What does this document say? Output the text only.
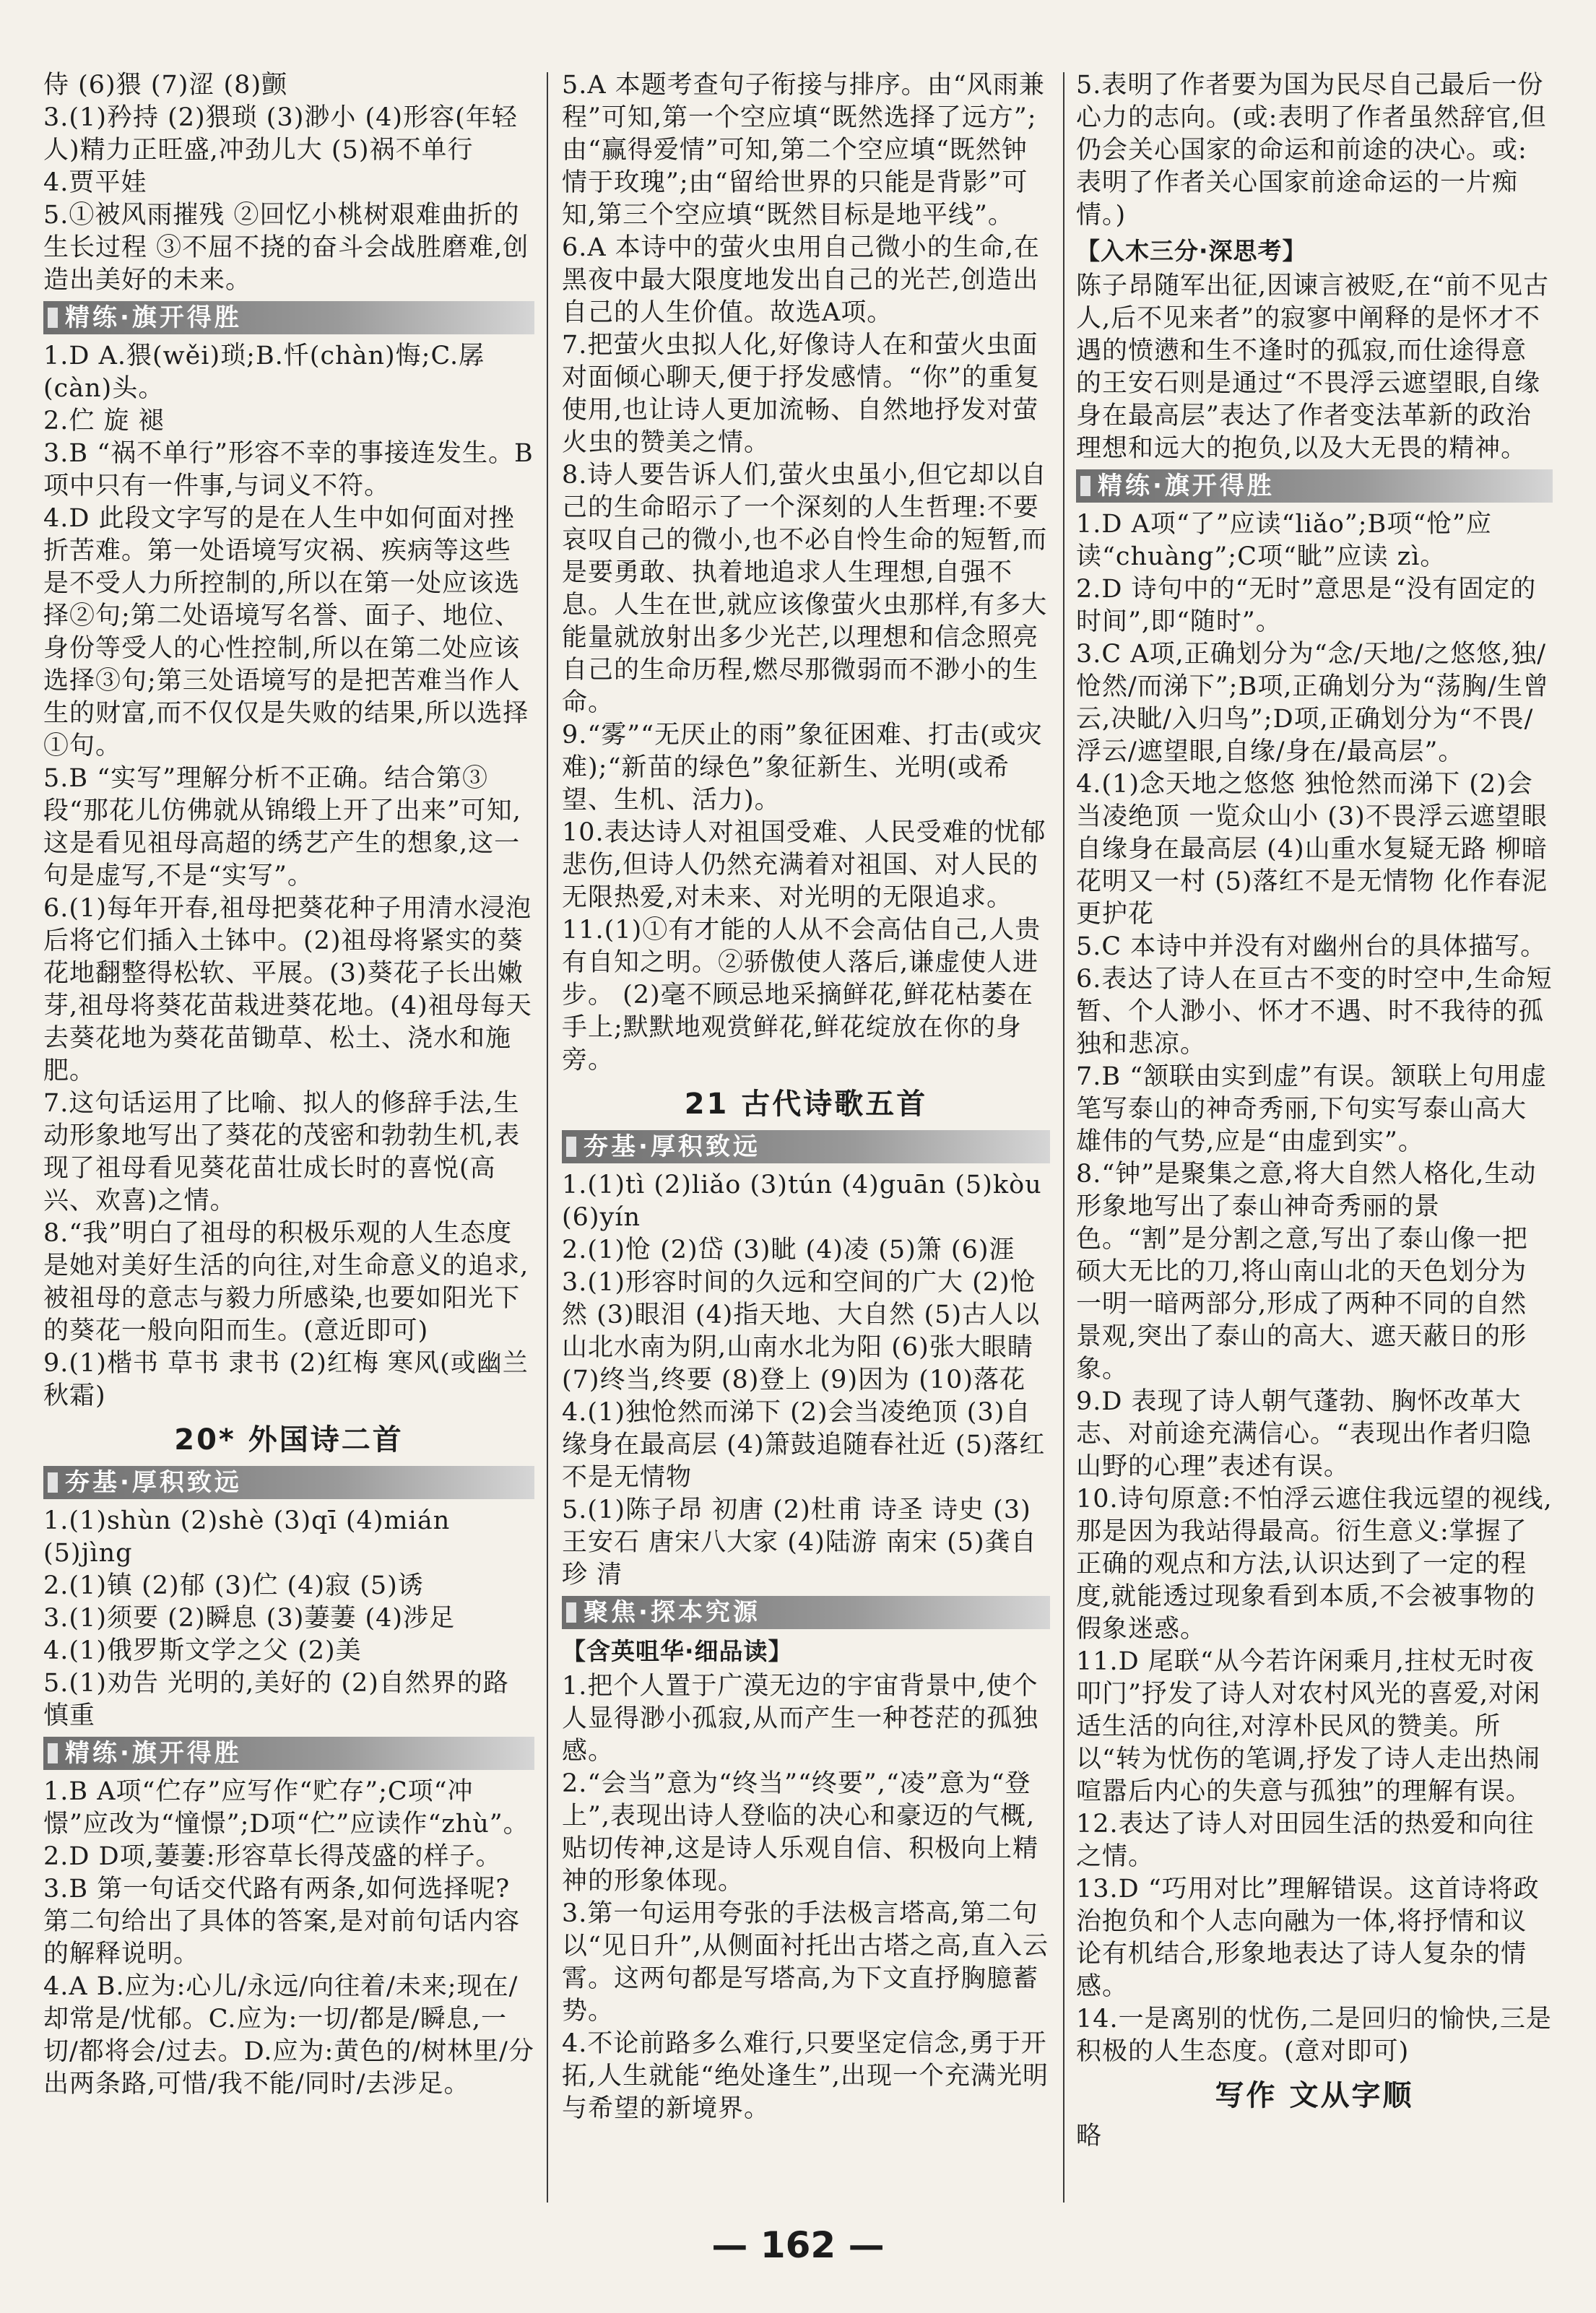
侍 (6)猥 (7)涩 (8)颤
3.(1)矜持 (2)猥琐 (3)渺小 (4)形容(年轻人)精力正旺盛,冲劲儿大 (5)祸不单行
4.贾平娃
5.①被风雨摧残 ②回忆小桃树艰难曲折的生长过程 ③不屈不挠的奋斗会战胜磨难,创造出美好的未来。
精练·旗开得胜
1.D A.猥(wěi)琐;B.忏(chàn)悔;C.孱(càn)头。
2.伫 旋 褪
3.B “祸不单行”形容不幸的事接连发生。B项中只有一件事,与词义不符。
4.D 此段文字写的是在人生中如何面对挫折苦难。第一处语境写灾祸、疾病等这些是不受人力所控制的,所以在第一处应该选择②句;第二处语境写名誉、面子、地位、身份等受人的心性控制,所以在第二处应该选择③句;第三处语境写的是把苦难当作人生的财富,而不仅仅是失败的结果,所以选择①句。
5.B “实写”理解分析不正确。结合第③段“那花儿仿佛就从锦缎上开了出来”可知,这是看见祖母高超的绣艺产生的想象,这一句是虚写,不是“实写”。
6.(1)每年开春,祖母把葵花种子用清水浸泡后将它们插入土钵中。(2)祖母将紧实的葵花地翻整得松软、平展。(3)葵花子长出嫩芽,祖母将葵花苗栽进葵花地。(4)祖母每天去葵花地为葵花苗锄草、松土、浇水和施肥。
7.这句话运用了比喻、拟人的修辞手法,生动形象地写出了葵花的茂密和勃勃生机,表现了祖母看见葵花苗壮成长时的喜悦(高兴、欢喜)之情。
8.“我”明白了祖母的积极乐观的人生态度是她对美好生活的向往,对生命意义的追求,被祖母的意志与毅力所感染,也要如阳光下的葵花一般向阳而生。(意近即可)
9.(1)楷书 草书 隶书 (2)红梅 寒风(或幽兰 秋霜)
20* 外国诗二首
夯基·厚积致远
1.(1)shùn (2)shè (3)qī (4)mián (5)jìng
2.(1)镇 (2)郁 (3)伫 (4)寂 (5)诱
3.(1)须要 (2)瞬息 (3)萋萋 (4)涉足
4.(1)俄罗斯文学之父 (2)美
5.(1)劝告 光明的,美好的 (2)自然界的路 慎重
精练·旗开得胜
1.B A项“伫存”应写作“贮存”;C项“冲憬”应改为“憧憬”;D项“伫”应读作“zhù”。
2.D D项,萋萋:形容草长得茂盛的样子。
3.B 第一句话交代路有两条,如何选择呢?第二句给出了具体的答案,是对前句话内容的解释说明。
4.A B.应为:心儿/永远/向往着/未来;现在/却常是/忧郁。C.应为:一切/都是/瞬息,一切/都将会/过去。D.应为:黄色的/树林里/分出两条路,可惜/我不能/同时/去涉足。
5.A 本题考查句子衔接与排序。由“风雨兼程”可知,第一个空应填“既然选择了远方”;由“赢得爱情”可知,第二个空应填“既然钟情于玫瑰”;由“留给世界的只能是背影”可知,第三个空应填“既然目标是地平线”。
6.A 本诗中的萤火虫用自己微小的生命,在黑夜中最大限度地发出自己的光芒,创造出自己的人生价值。故选A项。
7.把萤火虫拟人化,好像诗人在和萤火虫面对面倾心聊天,便于抒发感情。“你”的重复使用,也让诗人更加流畅、自然地抒发对萤火虫的赞美之情。
8.诗人要告诉人们,萤火虫虽小,但它却以自己的生命昭示了一个深刻的人生哲理:不要哀叹自己的微小,也不必自怜生命的短暂,而是要勇敢、执着地追求人生理想,自强不息。人生在世,就应该像萤火虫那样,有多大能量就放射出多少光芒,以理想和信念照亮自己的生命历程,燃尽那微弱而不渺小的生命。
9.“雾”“无厌止的雨”象征困难、打击(或灾难);“新苗的绿色”象征新生、光明(或希望、生机、活力)。
10.表达诗人对祖国受难、人民受难的忧郁悲伤,但诗人仍然充满着对祖国、对人民的无限热爱,对未来、对光明的无限追求。
11.(1)①有才能的人从不会高估自己,人贵有自知之明。②骄傲使人落后,谦虚使人进步。 (2)毫不顾忌地采摘鲜花,鲜花枯萎在手上;默默地观赏鲜花,鲜花绽放在你的身旁。
21 古代诗歌五首
夯基·厚积致远
1.(1)tì (2)liǎo (3)tún (4)guān (5)kòu (6)yín
2.(1)怆 (2)岱 (3)眦 (4)凌 (5)箫 (6)涯
3.(1)形容时间的久远和空间的广大 (2)怆然 (3)眼泪 (4)指天地、大自然 (5)古人以山北水南为阴,山南水北为阳 (6)张大眼睛 (7)终当,终要 (8)登上 (9)因为 (10)落花
4.(1)独怆然而涕下 (2)会当凌绝顶 (3)自缘身在最高层 (4)箫鼓追随春社近 (5)落红不是无情物
5.(1)陈子昂 初唐 (2)杜甫 诗圣 诗史 (3)王安石 唐宋八大家 (4)陆游 南宋 (5)龚自珍 清
聚焦·探本究源
【含英咀华·细品读】
1.把个人置于广漠无边的宇宙背景中,使个人显得渺小孤寂,从而产生一种苍茫的孤独感。
2.“会当”意为“终当”“终要”,“凌”意为“登上”,表现出诗人登临的决心和豪迈的气概,贴切传神,这是诗人乐观自信、积极向上精神的形象体现。
3.第一句运用夸张的手法极言塔高,第二句以“见日升”,从侧面衬托出古塔之高,直入云霄。这两句都是写塔高,为下文直抒胸臆蓄势。
4.不论前路多么难行,只要坚定信念,勇于开拓,人生就能“绝处逢生”,出现一个充满光明与希望的新境界。
5.表明了作者要为国为民尽自己最后一份心力的志向。(或:表明了作者虽然辞官,但仍会关心国家的命运和前途的决心。或:表明了作者关心国家前途命运的一片痴情。)
【入木三分·深思考】
陈子昂随军出征,因谏言被贬,在“前不见古人,后不见来者”的寂寥中阐释的是怀才不遇的愤懑和生不逢时的孤寂,而仕途得意的王安石则是通过“不畏浮云遮望眼,自缘身在最高层”表达了作者变法革新的政治理想和远大的抱负,以及大无畏的精神。
精练·旗开得胜
1.D A项“了”应读“liǎo”;B项“怆”应读“chuàng”;C项“眦”应读 zì。
2.D 诗句中的“无时”意思是“没有固定的时间”,即“随时”。
3.C A项,正确划分为“念/天地/之悠悠,独/怆然/而涕下”;B项,正确划分为“荡胸/生曾云,决眦/入归鸟”;D项,正确划分为“不畏/浮云/遮望眼,自缘/身在/最高层”。
4.(1)念天地之悠悠 独怆然而涕下 (2)会当凌绝顶 一览众山小 (3)不畏浮云遮望眼 自缘身在最高层 (4)山重水复疑无路 柳暗花明又一村 (5)落红不是无情物 化作春泥更护花
5.C 本诗中并没有对幽州台的具体描写。
6.表达了诗人在亘古不变的时空中,生命短暂、个人渺小、怀才不遇、时不我待的孤独和悲凉。
7.B “颔联由实到虚”有误。颔联上句用虚笔写泰山的神奇秀丽,下句实写泰山高大雄伟的气势,应是“由虚到实”。
8.“钟”是聚集之意,将大自然人格化,生动形象地写出了泰山神奇秀丽的景色。“割”是分割之意,写出了泰山像一把硕大无比的刀,将山南山北的天色划分为一明一暗两部分,形成了两种不同的自然景观,突出了泰山的高大、遮天蔽日的形象。
9.D 表现了诗人朝气蓬勃、胸怀改革大志、对前途充满信心。“表现出作者归隐山野的心理”表述有误。
10.诗句原意:不怕浮云遮住我远望的视线,那是因为我站得最高。衍生意义:掌握了正确的观点和方法,认识达到了一定的程度,就能透过现象看到本质,不会被事物的假象迷惑。
11.D 尾联“从今若许闲乘月,拄杖无时夜叩门”抒发了诗人对农村风光的喜爱,对闲适生活的向往,对淳朴民风的赞美。所以“转为忧伤的笔调,抒发了诗人走出热闹喧嚣后内心的失意与孤独”的理解有误。
12.表达了诗人对田园生活的热爱和向往之情。
13.D “巧用对比”理解错误。这首诗将政治抱负和个人志向融为一体,将抒情和议论有机结合,形象地表达了诗人复杂的情感。
14.一是离别的忧伤,二是回归的愉快,三是积极的人生态度。(意对即可)
写作 文从字顺
略
— 162 —
